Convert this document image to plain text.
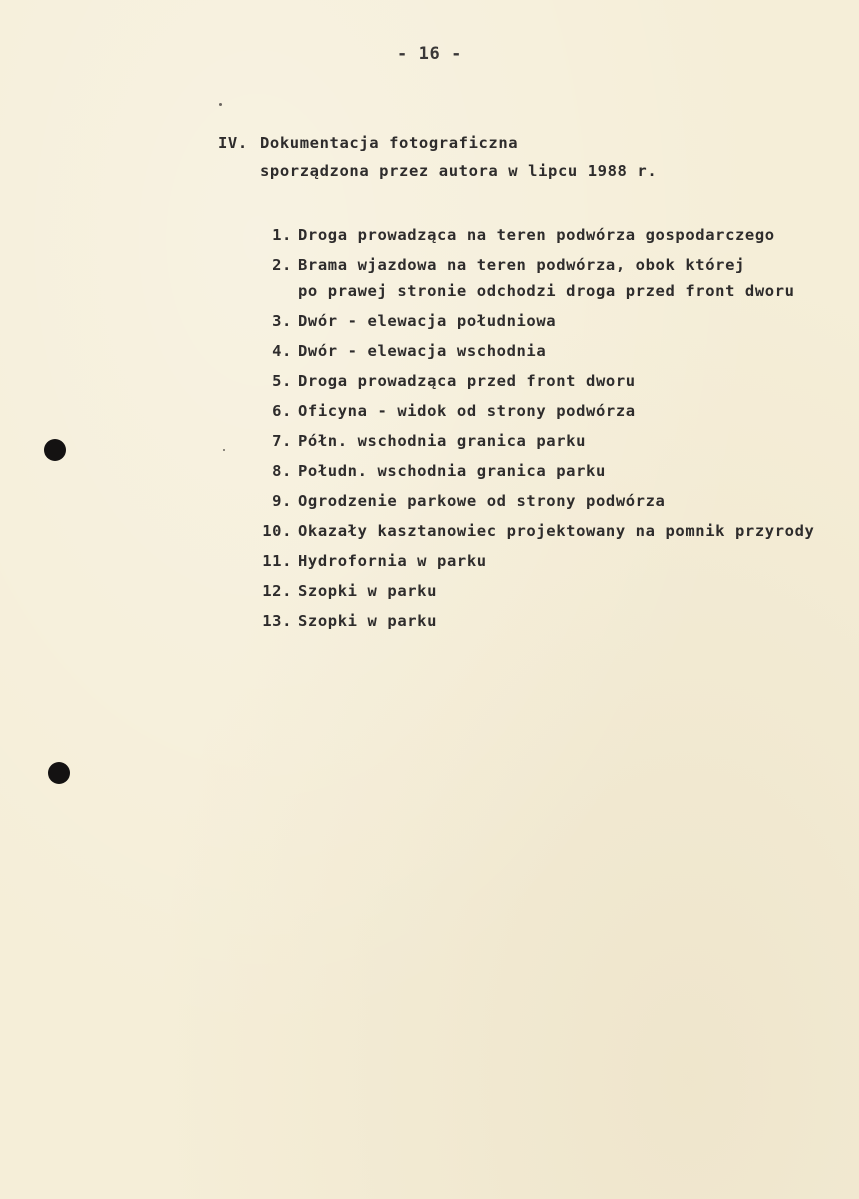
- 16 -
IV. Dokumentacja fotograficzna
sporządzona przez autora w lipcu 1988 r.
1. Droga prowadząca na teren podwórza gospodarczego
2. Brama wjazdowa na teren podwórza, obok której
po prawej stronie odchodzi droga przed front dworu
3. Dwór - elewacja południowa
4. Dwór - elewacja wschodnia
5. Droga prowadząca przed front dworu
6. Oficyna - widok od strony podwórza
7. Półn. wschodnia granica parku
8. Połudn. wschodnia granica parku
9. Ogrodzenie parkowe od strony podwórza
10. Okazały kasztanowiec projektowany na pomnik przyrody
11. Hydrofornia w parku
12. Szopki w parku
13. Szopki w parku
